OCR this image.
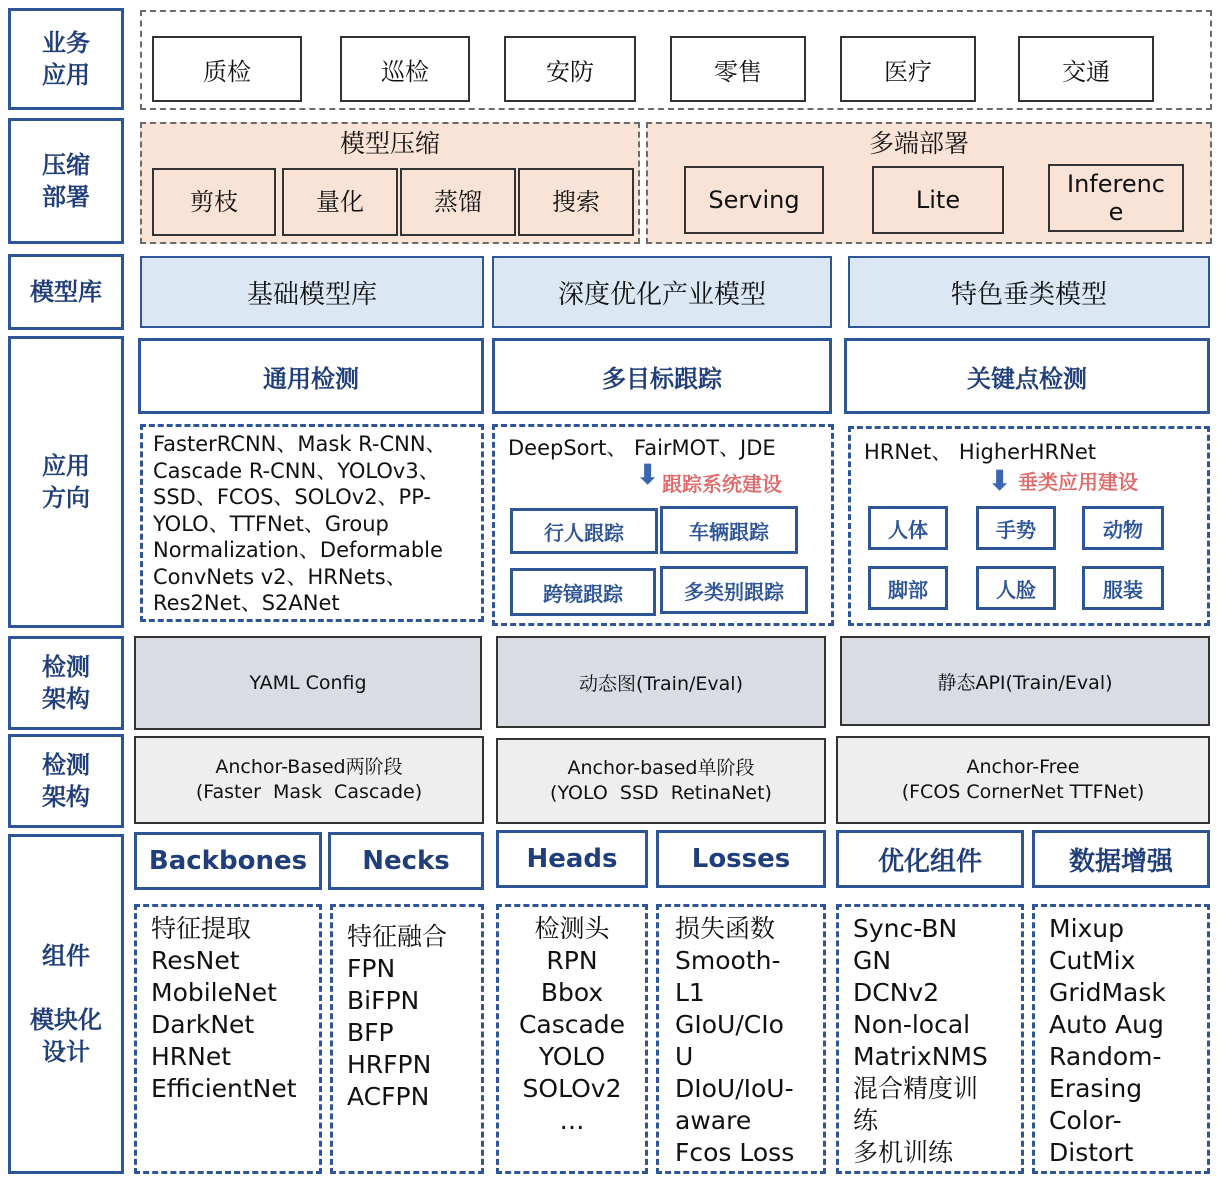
业务
应用
压缩
部署
模型库
应用
方向
检测
架构
检测
架构
组件

模块化
设计
质检	巡检	安防	零售	医疗	交通
模型压缩
剪枝	量化	蒸馏	搜索
多端部署
Serving	Lite
Inferenc
e
基础模型库	深度优化产业模型	特色垂类模型
通用检测	多目标跟踪	关键点检测
FasterRCNN、Mask R-CNN、
Cascade R-CNN、YOLOv3、
SSD、FCOS、SOLOv2、PP-
YOLO、TTFNet、Group
Normalization、Deformable
ConvNets v2、HRNets、
Res2Net、S2ANet
DeepSort、 FairMOT、JDE
⬇ 跟踪系统建设
行人跟踪	车辆跟踪
跨镜跟踪	多类别跟踪
HRNet、 HigherHRNet
⬇ 垂类应用建设
人体	手势	动物
脚部	人脸	服装
YAML Config	动态图(Train/Eval)	静态API(Train/Eval)
Anchor-Based两阶段
(Faster  Mask  Cascade)
Anchor-based单阶段
(YOLO  SSD  RetinaNet)
Anchor-Free
(FCOS CornerNet TTFNet)
Backbones	Necks	Heads	Losses	优化组件	数据增强
特征提取
ResNet
MobileNet
DarkNet
HRNet
EfficientNet
特征融合
FPN
BiFPN
BFP
HRFPN
ACFPN
检测头
RPN
Bbox
Cascade
YOLO
SOLOv2
…
损失函数
Smooth-
L1
GIoU/CIo
U
DIoU/IoU-
aware
Fcos Loss
Sync-BN
GN
DCNv2
Non-local
MatrixNMS
混合精度训
练
多机训练
Mixup
CutMix
GridMask
Auto Aug
Random-
Erasing
Color-
Distort
